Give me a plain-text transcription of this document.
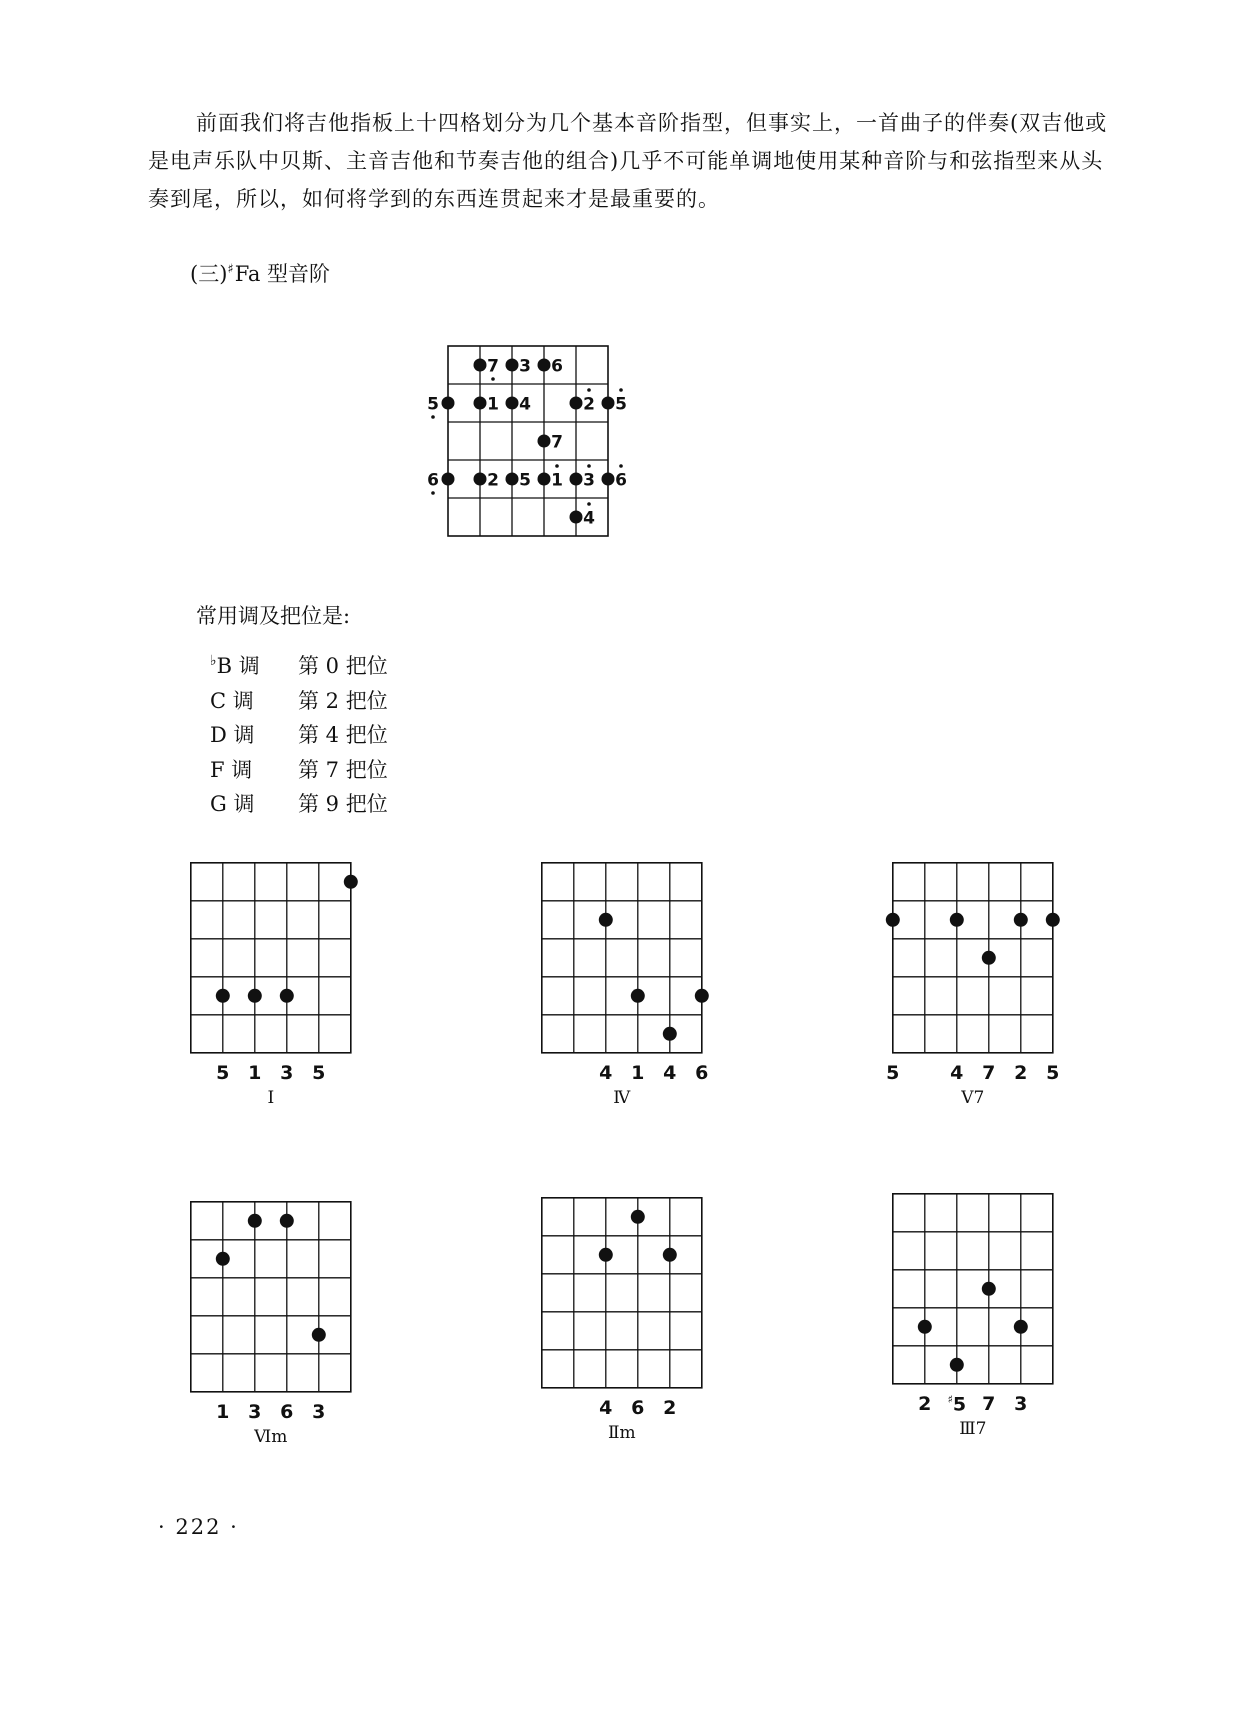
前面我们将吉他指板上十四格划分为几个基本音阶指型，但事实上，一首曲子的伴奏(双吉他或是电声乐队中贝斯、主音吉他和节奏吉他的组合)几乎不可能单调地使用某种音阶与和弦指型来从头奏到尾，所以，如何将学到的东西连贯起来才是最重要的。

(三)♯Fa 型音阶

7 3 6
5	1 4	2 5
7
6	2 5 1 3 6
4

常用调及把位是:

♭B 调 第 0 把位
C 调 第 2 把位
D 调 第 4 把位
F 调 第 7 把位
G 调 第 9 把位
5 1 3 5
Ⅰ
4 1 4 6
Ⅳ
5	4 7 2 5
V7
1 3 6 3
Ⅵm
4 6 2
Ⅱm
2 ♯5 7 3
Ⅲ7

· 222 ·
